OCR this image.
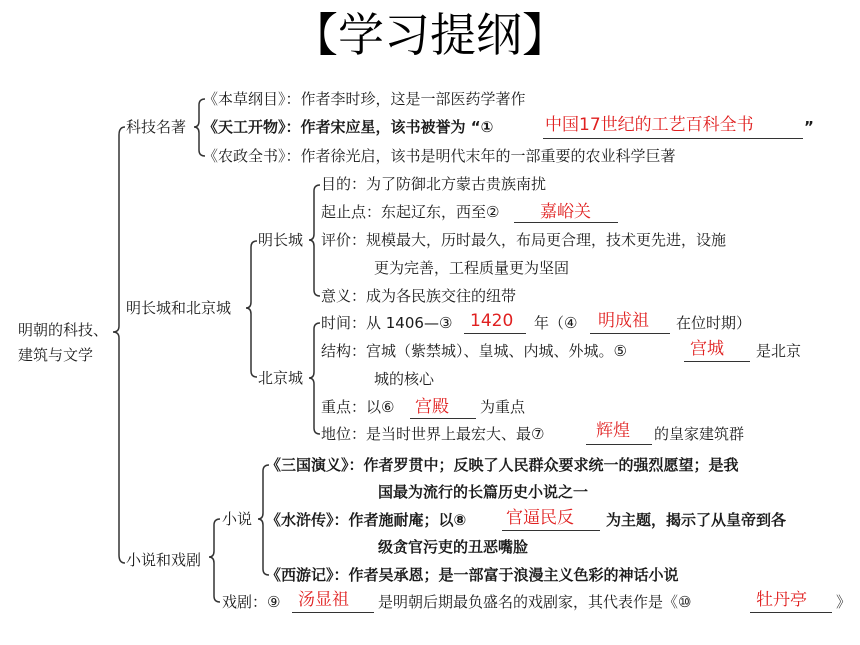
【学习提纲】
明朝的科技、
建筑与文学
科技名著
《本草纲目》：作者李时珍，这是一部医药学著作
《天工开物》：作者宋应星，该书被誉为 “①	中国17世纪的工艺百科全书	”
《农政全书》：作者徐光启，该书是明代末年的一部重要的农业科学巨著
明长城和北京城
明长城
目的：为了防御北方蒙古贵族南扰
起止点：东起辽东，西至② 嘉峪关
评价：规模最大，历时最久，布局更合理，技术更先进，设施
更为完善，工程质量更为坚固
意义：成为各民族交往的纽带
北京城
时间：从 1406—③ 1420 年（④ 明成祖 在位时期）
结构：宫城（紫禁城）、皇城、内城、外城。⑤	宫城 是北京
城的核心
重点：以⑥ 宫殿 为重点
地位：是当时世界上最宏大、最⑦	辉煌 的皇家建筑群
小说和戏剧
小说
《三国演义》：作者罗贯中；反映了人民群众要求统一的强烈愿望；是我
国最为流行的长篇历史小说之一
《水浒传》：作者施耐庵；以⑧ 官逼民反 为主题，揭示了从皇帝到各
级贪官污吏的丑恶嘴脸
《西游记》：作者吴承恩；是一部富于浪漫主义色彩的神话小说
戏剧：⑨ 汤显祖 是明朝后期最负盛名的戏剧家，其代表作是《⑩	牡丹亭 》
